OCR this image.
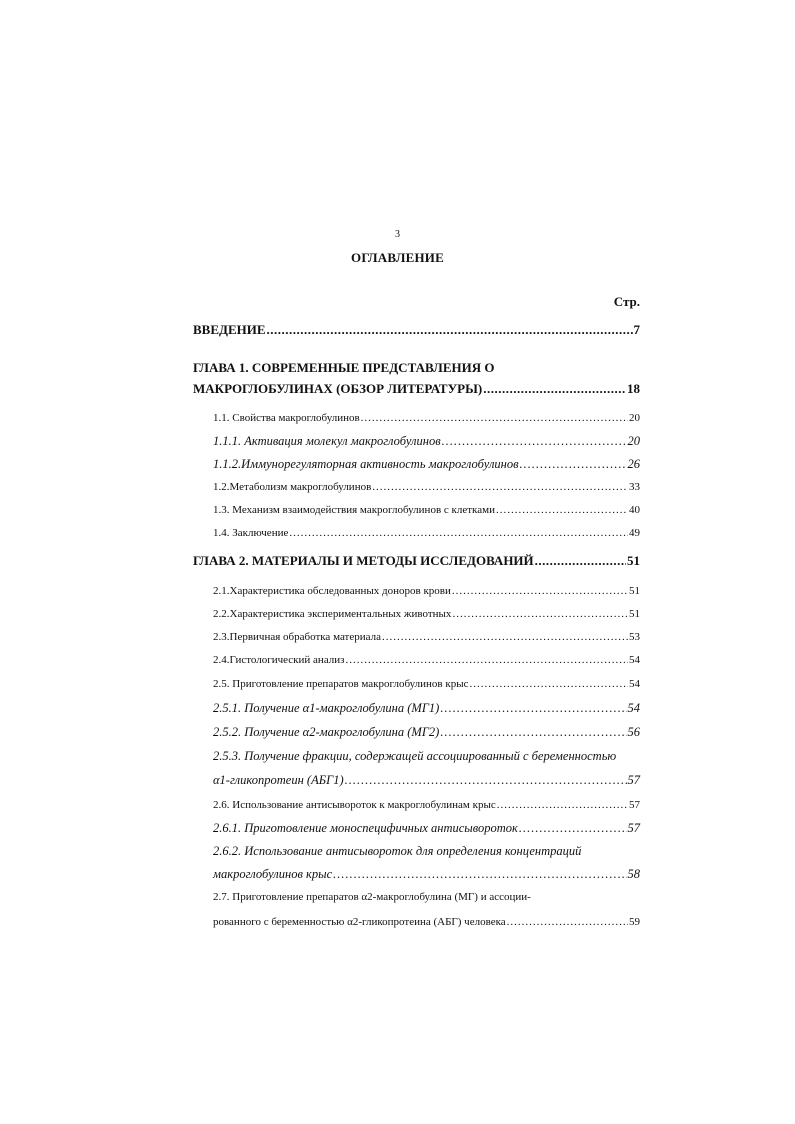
3
ОГЛАВЛЕНИЕ
Стр.
ВВЕДЕНИЕ .....	7
ГЛАВА 1. СОВРЕМЕННЫЕ ПРЕДСТАВЛЕНИЯ О
МАКРОГЛОБУЛИНАХ (ОБЗОР ЛИТЕРАТУРЫ) .....	18
1.1. Свойства макроглобулинов .....	20
1.1.1. Активация молекул макроглобулинов .....	20
1.1.2.Иммунорегуляторная активность макроглобулинов .....	26
1.2.Метаболизм макроглобулинов .....	33
1.3. Механизм взаимодействия макроглобулинов с клетками .....	40
1.4. Заключение .....	49
ГЛАВА 2. МАТЕРИАЛЫ И МЕТОДЫ ИССЛЕДОВАНИЙ .....	51
2.1.Характеристика обследованных доноров крови .....	51
2.2.Характеристика экспериментальных животных .....	51
2.3.Первичная обработка материала .....	53
2.4.Гистологический анализ .....	54
2.5. Приготовление препаратов макроглобулинов крыс .....	54
2.5.1. Получение α1-макроглобулина (МГ1) .....	54
2.5.2. Получение α2-макроглобулина (МГ2) .....	56
2.5.3. Получение фракции, содержащей ассоциированный с беременностью
α1-гликопротеин (АБГ1) .....	57
2.6. Использование антисывороток к макроглобулинам крыс .....	57
2.6.1. Приготовление моноспецифичных антисывороток .....	57
2.6.2. Использование антисывороток для определения концентраций
макроглобулинов крыс .....	58
2.7. Приготовление препаратов α2-макроглобулина (МГ) и ассоции-
рованного с беременностью α2-гликопротеина (АБГ) человека .....	59
